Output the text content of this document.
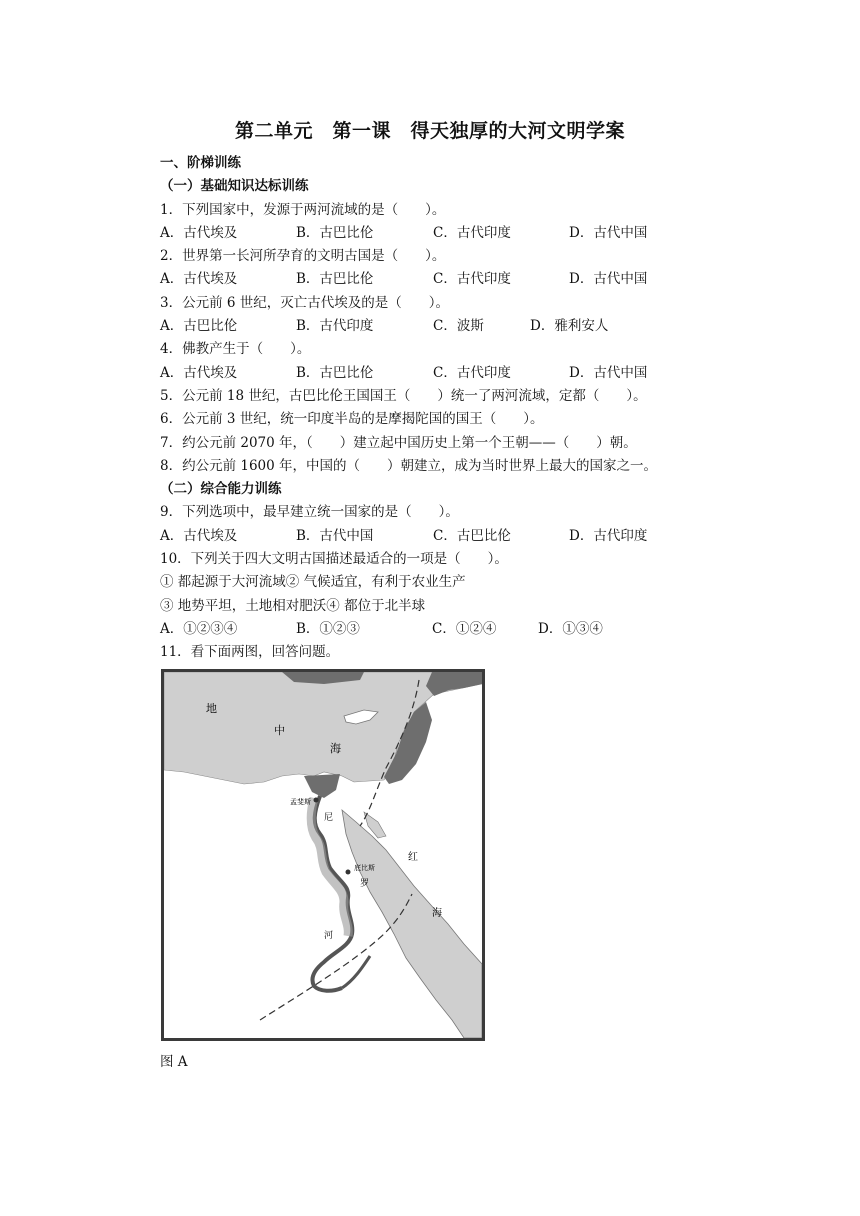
第二单元　第一课　得天独厚的大河文明学案
一、阶梯训练
（一）基础知识达标训练
1．下列国家中，发源于两河流域的是（　　）。
A．古代埃及	B．古巴比伦	C．古代印度	D．古代中国
2．世界第一长河所孕育的文明古国是（　　）。
A．古代埃及	B．古巴比伦	C．古代印度	D．古代中国
3．公元前 6 世纪，灭亡古代埃及的是（　　）。
A．古巴比伦	B．古代印度	C．波斯	D．雅利安人
4．佛教产生于（　　）。
A．古代埃及	B．古巴比伦	C．古代印度	D．古代中国
5．公元前 18 世纪，古巴比伦王国国王（　　）统一了两河流域，定都（　　）。
6．公元前 3 世纪，统一印度半岛的是摩揭陀国的国王（　　）。
7．约公元前 2070 年，（　　）建立起中国历史上第一个王朝——（　　）朝。
8．约公元前 1600 年，中国的（　　）朝建立，成为当时世界上最大的国家之一。
（二）综合能力训练
9．下列选项中，最早建立统一国家的是（　　）。
A．古代埃及	B．古代中国	C．古巴比伦	D．古代印度
10．下列关于四大文明古国描述最适合的一项是（　　）。
① 都起源于大河流域② 气候适宜，有利于农业生产
③ 地势平坦，土地相对肥沃④ 都位于北半球
A．①②③④	B．①②③	C．①②④	D．①③④
11．看下面两图，回答问题。
地
中
海
孟斐斯
尼
底比斯
罗
河
红
海
图 A
